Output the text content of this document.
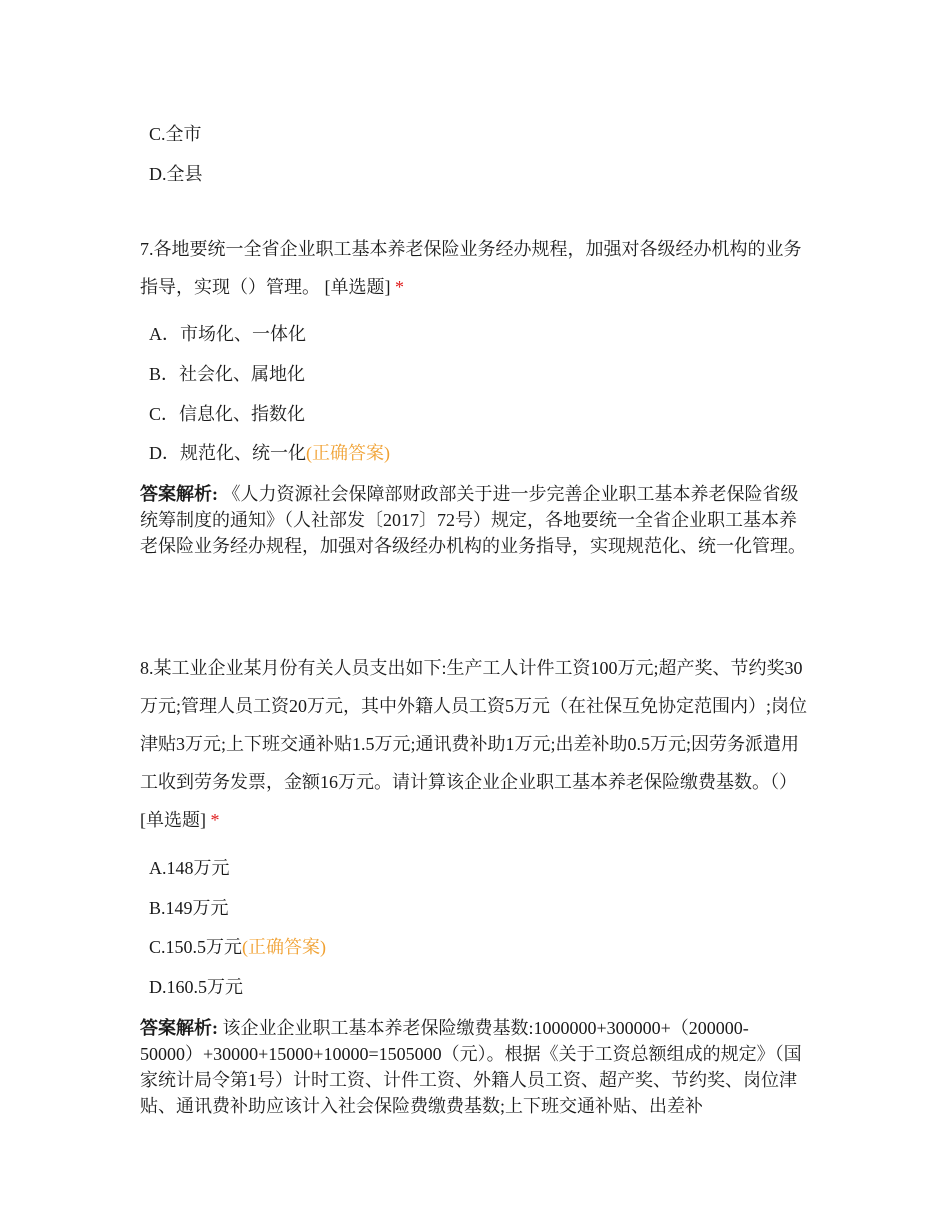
C.全市
D.全县
7.各地要统一全省企业职工基本养老保险业务经办规程，加强对各级经办机构的业务指导，实现（）管理。 [单选题] *
A．市场化、一体化
B．社会化、属地化
C．信息化、指数化
D．规范化、统一化(正确答案)
答案解析: 《人力资源社会保障部财政部关于进一步完善企业职工基本养老保险省级统筹制度的通知》（人社部发〔2017〕72号）规定，各地要统一全省企业职工基本养老保险业务经办规程，加强对各级经办机构的业务指导，实现规范化、统一化管理。
8.某工业企业某月份有关人员支出如下:生产工人计件工资100万元;超产奖、节约奖30万元;管理人员工资20万元，其中外籍人员工资5万元（在社保互免协定范围内）;岗位津贴3万元;上下班交通补贴1.5万元;通讯费补助1万元;出差补助0.5万元;因劳务派遣用工收到劳务发票，金额16万元。请计算该企业企业职工基本养老保险缴费基数。（） [单选题] *
A.148万元
B.149万元
C.150.5万元(正确答案)
D.160.5万元
答案解析: 该企业企业职工基本养老保险缴费基数:1000000+300000+（200000-50000）+30000+15000+10000=1505000（元）。根据《关于工资总额组成的规定》（国家统计局令第1号）计时工资、计件工资、外籍人员工资、超产奖、节约奖、岗位津贴、通讯费补助应该计入社会保险费缴费基数;上下班交通补贴、出差补
